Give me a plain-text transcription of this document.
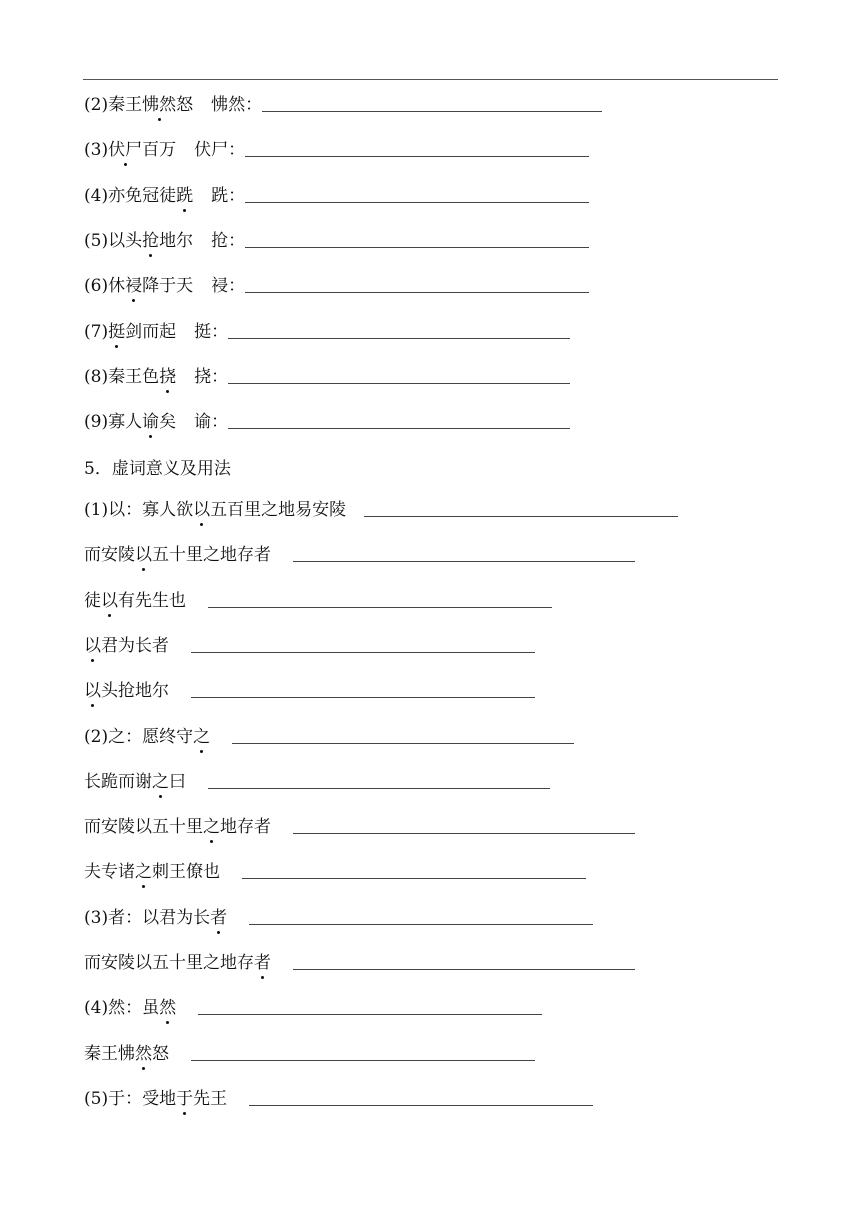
(2)秦王 怫然 怒 怫然：
(3) 伏尸 百万 伏尸：
(4)亦免冠徒 跣 跣：
(5)以头 抢 地尔 抢：
(6)休 祲 降于天 祲：
(7) 挺 剑而起 挺：
(8)秦王色 挠 挠：
(9)寡人 谕 矣 谕：
5．虚词意义及用法
(1)以：寡人欲 以 五百里之地易安陵
而安陵 以 五十里之地存者
徒 以 有先生也
以 君为长者
以 头抢地尔
(2)之：愿终守 之
长跪而谢 之 曰
而安陵以五十里 之 地存者
夫专诸 之 刺王僚也
(3)者：以君为长 者
而安陵以五十里之地存 者
(4)然：虽 然
秦王怫 然 怒
(5)于：受地 于 先王
